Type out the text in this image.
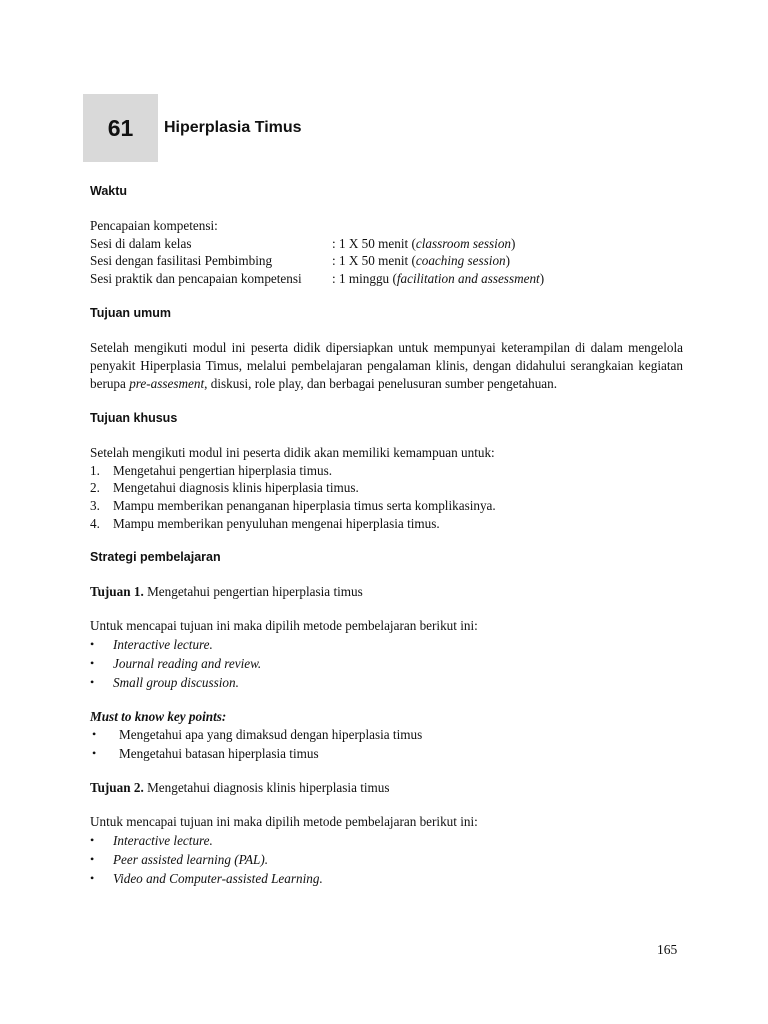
61 Hiperplasia Timus
Waktu
Pencapaian kompetensi:
Sesi di dalam kelas	: 1 X 50 menit (classroom session)
Sesi dengan fasilitasi Pembimbing	: 1 X 50 menit (coaching session)
Sesi praktik dan pencapaian kompetensi	: 1 minggu (facilitation and assessment)
Tujuan umum

Setelah mengikuti modul ini peserta didik dipersiapkan untuk mempunyai keterampilan di dalam mengelola penyakit Hiperplasia Timus, melalui pembelajaran pengalaman klinis, dengan didahului serangkaian kegiatan berupa pre-assesment, diskusi, role play, dan berbagai penelusuran sumber pengetahuan.

Tujuan khusus
Setelah mengikuti modul ini peserta didik akan memiliki kemampuan untuk:
1. Mengetahui pengertian hiperplasia timus.
2. Mengetahui diagnosis klinis hiperplasia timus.
3. Mampu memberikan penanganan hiperplasia timus serta komplikasinya.
4. Mampu memberikan penyuluhan mengenai hiperplasia timus.
Strategi pembelajaran
Tujuan 1. Mengetahui pengertian hiperplasia timus
Untuk mencapai tujuan ini maka dipilih metode pembelajaran berikut ini:
•	Interactive lecture.
•	Journal reading and review.
•	Small group discussion.
Must to know key points:
•	Mengetahui apa yang dimaksud dengan hiperplasia timus
•	Mengetahui batasan hiperplasia timus
Tujuan 2. Mengetahui diagnosis klinis hiperplasia timus
Untuk mencapai tujuan ini maka dipilih metode pembelajaran berikut ini:
•	Interactive lecture.
•	Peer assisted learning (PAL).
•	Video and Computer-assisted Learning.
165
